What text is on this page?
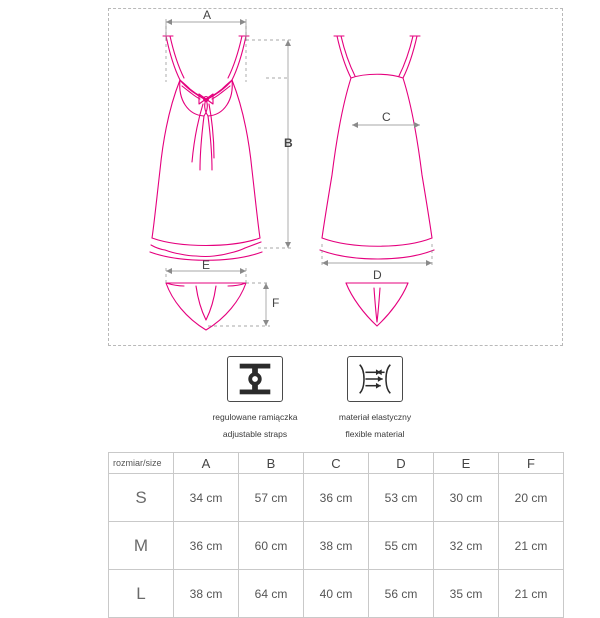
A
B
C
D
E
F
regulowane ramiączka
adjustable straps
materiał elastyczny
flexible material
rozmiar/size	A	B	C	D	E	F
S	34 cm	57 cm	36 cm	53 cm	30 cm	20 cm
M	36 cm	60 cm	38 cm	55 cm	32 cm	21 cm
L	38 cm	64 cm	40 cm	56 cm	35 cm	21 cm
